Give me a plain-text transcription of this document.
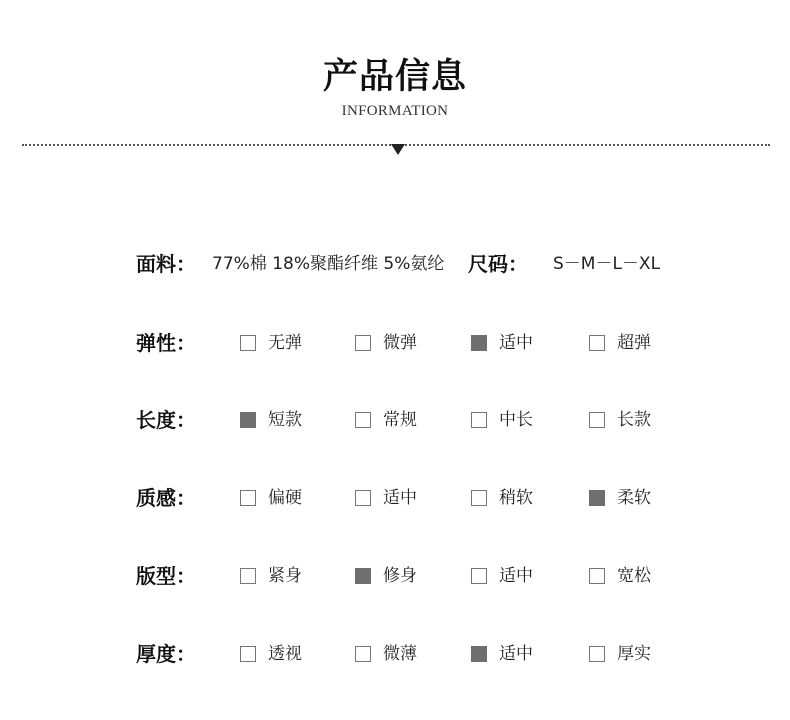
产品信息
INFORMATION
面料： 77%棉 18%聚酯纤维 5%氨纶 尺码： S－M－L－XL
弹性：	无弹	微弹	适中	超弹
长度：	短款	常规	中长	长款
质感：	偏硬	适中	稍软	柔软
版型：	紧身	修身	适中	宽松
厚度：	透视	微薄	适中	厚实
